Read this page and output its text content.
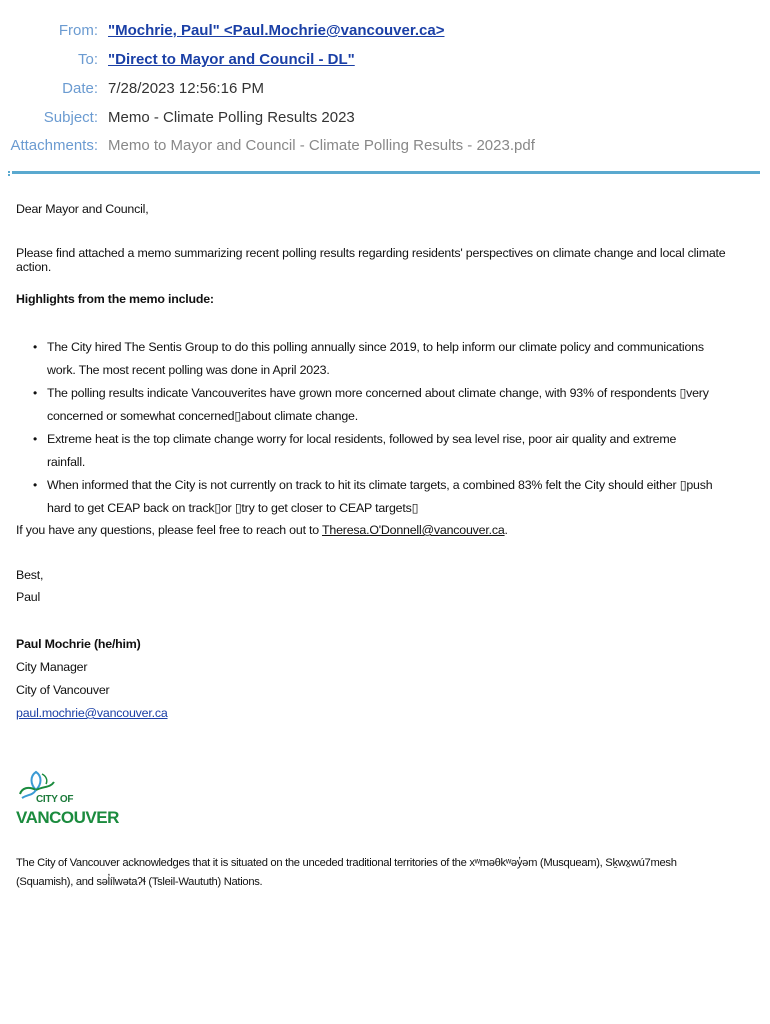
From: "Mochrie, Paul" <Paul.Mochrie@vancouver.ca>
To: "Direct to Mayor and Council - DL"
Date: 7/28/2023 12:56:16 PM
Subject: Memo - Climate Polling Results 2023
Attachments: Memo to Mayor and Council - Climate Polling Results - 2023.pdf
Dear Mayor and Council,
Please find attached a memo summarizing recent polling results regarding residents' perspectives on climate change and local climate action.
Highlights from the memo include:
• The City hired The Sentis Group to do this polling annually since 2019, to help inform our climate policy and communications work. The most recent polling was done in April 2023.
• The polling results indicate Vancouverites have grown more concerned about climate change, with 93% of respondents ▯very concerned or somewhat concerned▯about climate change.
• Extreme heat is the top climate change worry for local residents, followed by sea level rise, poor air quality and extreme rainfall.
• When informed that the City is not currently on track to hit its climate targets, a combined 83% felt the City should either ▯push hard to get CEAP back on track▯or ▯try to get closer to CEAP targets▯
If you have any questions, please feel free to reach out to Theresa.O'Donnell@vancouver.ca.
Best,
Paul
Paul Mochrie (he/him)
City Manager
City of Vancouver
paul.mochrie@vancouver.ca
CITY OF
VANCOUVER
The City of Vancouver acknowledges that it is situated on the unceded traditional territories of the xʷməθkʷəy̓əm (Musqueam), Sḵwx̱wú7mesh (Squamish), and səl̓ílwətaʔɬ (Tsleil-Waututh) Nations.
